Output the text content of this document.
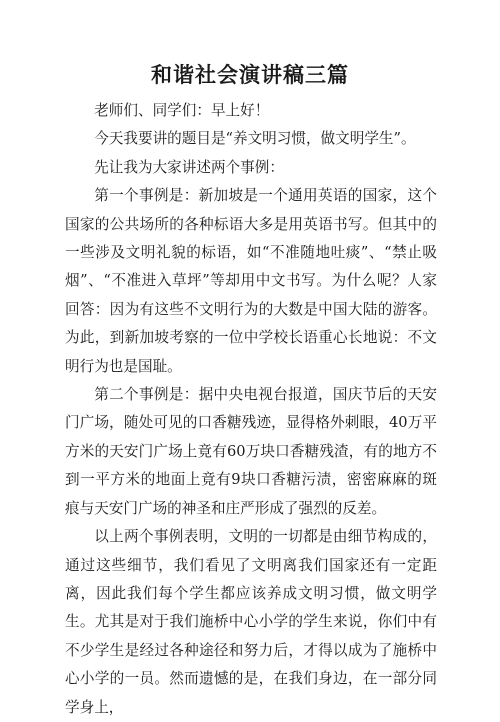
和谐社会演讲稿三篇

老师们、同学们：早上好！

今天我要讲的题目是“养文明习惯，做文明学生”。

先让我为大家讲述两个事例：

第一个事例是：新加坡是一个通用英语的国家，这个国家的公共场所的各种标语大多是用英语书写。但其中的一些涉及文明礼貌的标语，如“不准随地吐痰”、“禁止吸烟”、“不准进入草坪”等却用中文书写。为什么呢？人家回答：因为有这些不文明行为的大数是中国大陆的游客。为此，到新加坡考察的一位中学校长语重心长地说：不文明行为也是国耻。

第二个事例是：据中央电视台报道，国庆节后的天安门广场，随处可见的口香糖残迹，显得格外刺眼，40万平方米的天安门广场上竟有60万块口香糖残渣，有的地方不到一平方米的地面上竟有9块口香糖污渍，密密麻麻的斑痕与天安门广场的神圣和庄严形成了强烈的反差。

以上两个事例表明，文明的一切都是由细节构成的，通过这些细节，我们看见了文明离我们国家还有一定距离，因此我们每个学生都应该养成文明习惯，做文明学生。尤其是对于我们施桥中心小学的学生来说，你们中有不少学生是经过各种途径和努力后，才得以成为了施桥中心小学的一员。然而遗憾的是，在我们身边，在一部分同学身上，
